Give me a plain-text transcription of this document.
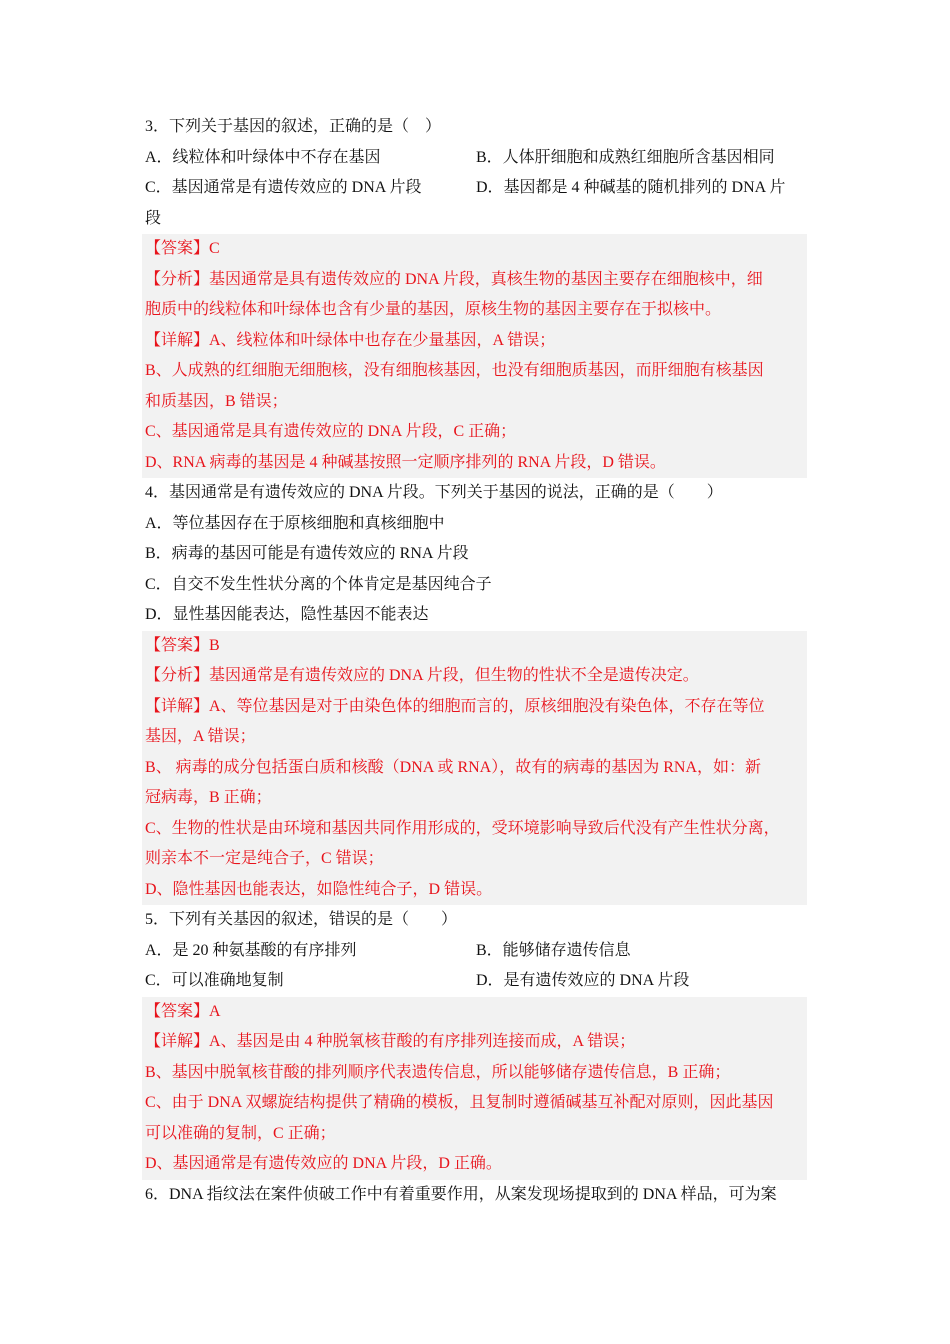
3．下列关于基因的叙述，正确的是（　）
A．线粒体和叶绿体中不存在基因	B．人体肝细胞和成熟红细胞所含基因相同
C．基因通常是有遗传效应的 DNA 片段	D．基因都是 4 种碱基的随机排列的 DNA 片
段
【答案】C
【分析】基因通常是具有遗传效应的 DNA 片段，真核生物的基因主要存在细胞核中，细
胞质中的线粒体和叶绿体也含有少量的基因，原核生物的基因主要存在于拟核中。
【详解】A、线粒体和叶绿体中也存在少量基因，A 错误；
B、人成熟的红细胞无细胞核，没有细胞核基因，也没有细胞质基因，而肝细胞有核基因
和质基因，B 错误；
C、基因通常是具有遗传效应的 DNA 片段，C 正确；
D、RNA 病毒的基因是 4 种碱基按照一定顺序排列的 RNA 片段，D 错误。
4．基因通常是有遗传效应的 DNA 片段。下列关于基因的说法，正确的是（　　）
A．等位基因存在于原核细胞和真核细胞中
B．病毒的基因可能是有遗传效应的 RNA 片段
C．自交不发生性状分离的个体肯定是基因纯合子
D．显性基因能表达，隐性基因不能表达
【答案】B
【分析】基因通常是有遗传效应的 DNA 片段，但生物的性状不全是遗传决定。
【详解】A、等位基因是对于由染色体的细胞而言的，原核细胞没有染色体，不存在等位
基因，A 错误；
B、 病毒的成分包括蛋白质和核酸（DNA 或 RNA），故有的病毒的基因为 RNA，如：新
冠病毒，B 正确；
C、生物的性状是由环境和基因共同作用形成的，受环境影响导致后代没有产生性状分离，
则亲本不一定是纯合子，C 错误；
D、隐性基因也能表达，如隐性纯合子，D 错误。
5．下列有关基因的叙述，错误的是（　　）
A．是 20 种氨基酸的有序排列	B．能够储存遗传信息
C．可以准确地复制	D．是有遗传效应的 DNA 片段
【答案】A
【详解】A、基因是由 4 种脱氧核苷酸的有序排列连接而成，A 错误；
B、基因中脱氧核苷酸的排列顺序代表遗传信息，所以能够储存遗传信息，B 正确；
C、由于 DNA 双螺旋结构提供了精确的模板，且复制时遵循碱基互补配对原则，因此基因
可以准确的复制，C 正确；
D、基因通常是有遗传效应的 DNA 片段，D 正确。
6．DNA 指纹法在案件侦破工作中有着重要作用，从案发现场提取到的 DNA 样品，可为案
